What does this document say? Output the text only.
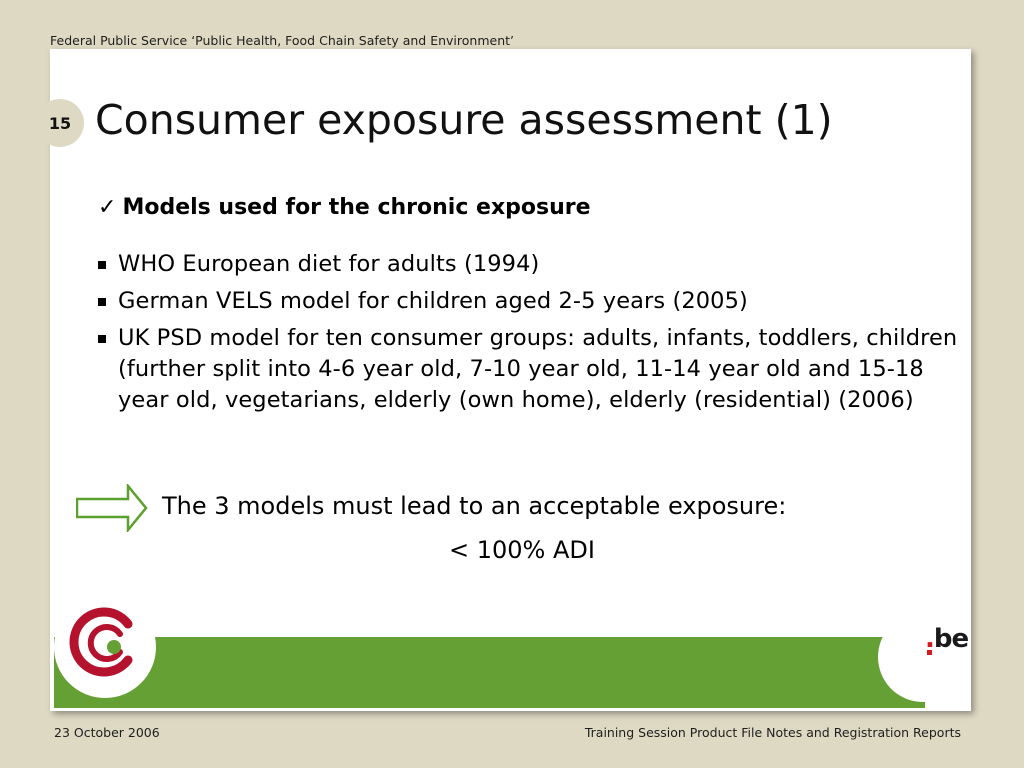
Federal Public Service ‘Public Health, Food Chain Safety and Environment’
15 Consumer exposure assessment (1)
✓ Models used for the chronic exposure
WHO European diet for adults (1994)
German VELS model for children aged 2-5 years (2005)
UK PSD model for ten consumer groups: adults, infants, toddlers, children (further split into 4-6 year old, 7-10 year old, 11-14 year old and 15-18 year old, vegetarians, elderly (own home), elderly (residential) (2006)
The 3 models must lead to an acceptable exposure:
< 100% ADI
.be
23 October 2006	Training Session Product File Notes and Registration Reports
